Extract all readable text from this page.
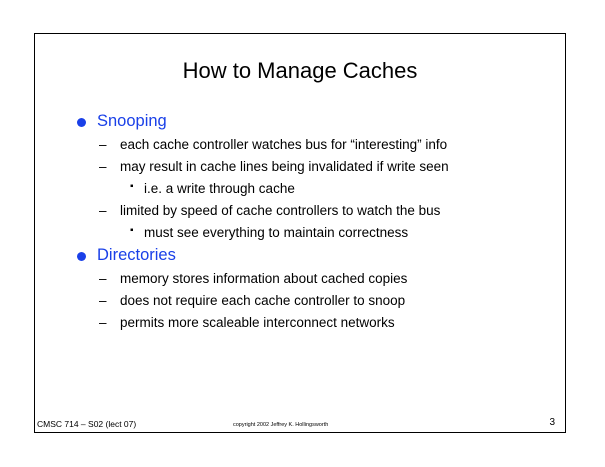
How to Manage Caches
Snooping
– each cache controller watches bus for “interesting” info
– may result in cache lines being invalidated if write seen
▪ i.e. a write through cache
– limited by speed of cache controllers to watch the bus
▪ must see everything to maintain correctness
Directories
– memory stores information about cached copies
– does not require each cache controller to snoop
– permits more scaleable interconnect networks
CMSC 714 – S02 (lect 07)	copyright 2002 Jeffrey K. Hollingsworth	3
